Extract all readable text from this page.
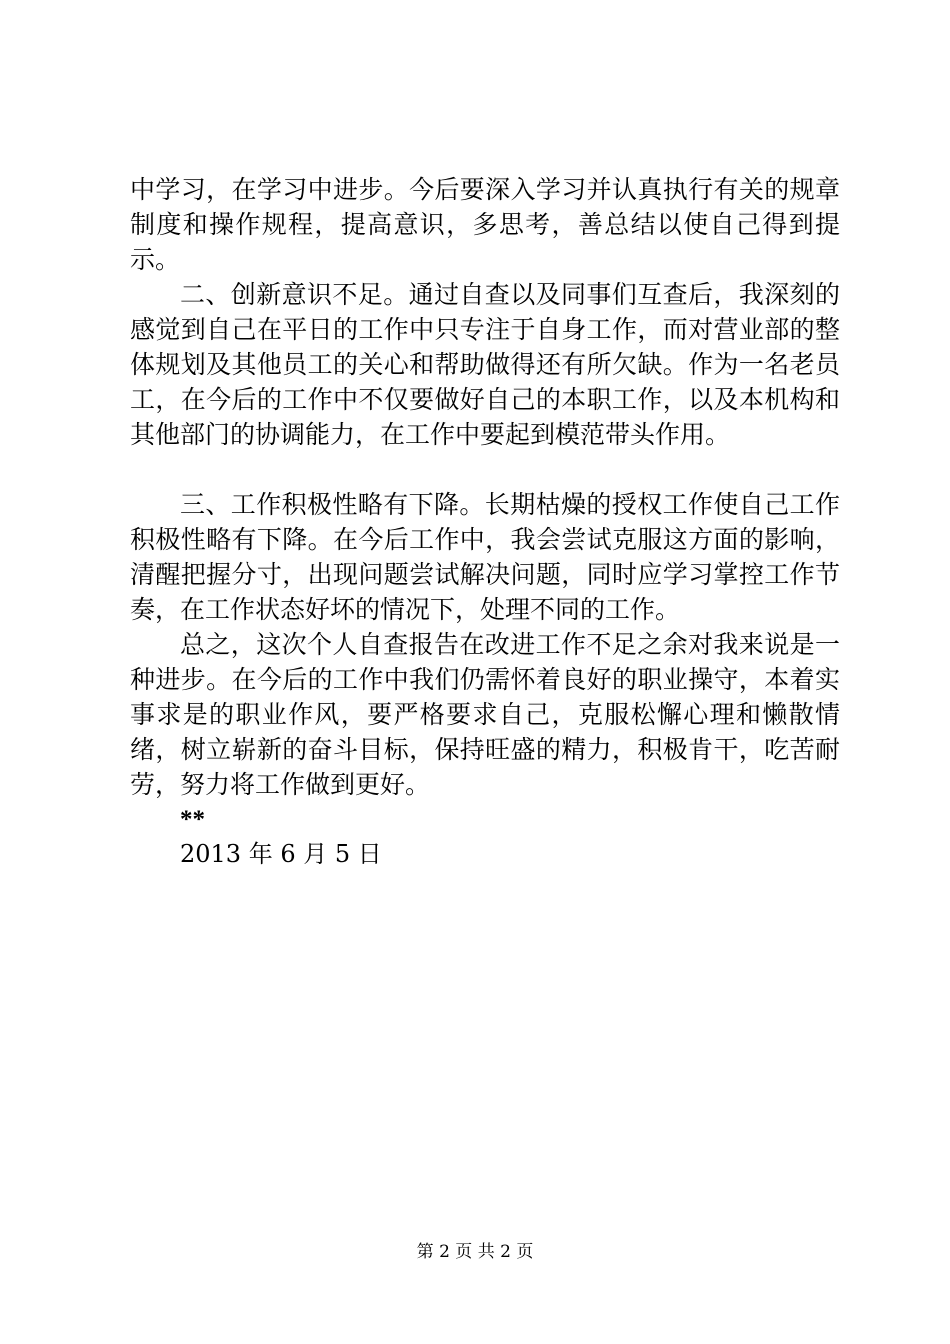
中学习，在学习中进步。今后要深入学习并认真执行有关的规章制度和操作规程，提高意识，多思考，善总结以使自己得到提示。

二、创新意识不足。通过自查以及同事们互查后，我深刻的感觉到自己在平日的工作中只专注于自身工作，而对营业部的整体规划及其他员工的关心和帮助做得还有所欠缺。作为一名老员工，在今后的工作中不仅要做好自己的本职工作，以及本机构和其他部门的协调能力，在工作中要起到模范带头作用。

三、工作积极性略有下降。长期枯燥的授权工作使自己工作积极性略有下降。在今后工作中，我会尝试克服这方面的影响，清醒把握分寸，出现问题尝试解决问题，同时应学习掌控工作节奏，在工作状态好坏的情况下，处理不同的工作。

总之，这次个人自查报告在改进工作不足之余对我来说是一种进步。在今后的工作中我们仍需怀着良好的职业操守，本着实事求是的职业作风，要严格要求自己，克服松懈心理和懒散情绪，树立崭新的奋斗目标，保持旺盛的精力，积极肯干，吃苦耐劳，努力将工作做到更好。

**

2013 年 6 月 5 日

第 2 页 共 2 页
